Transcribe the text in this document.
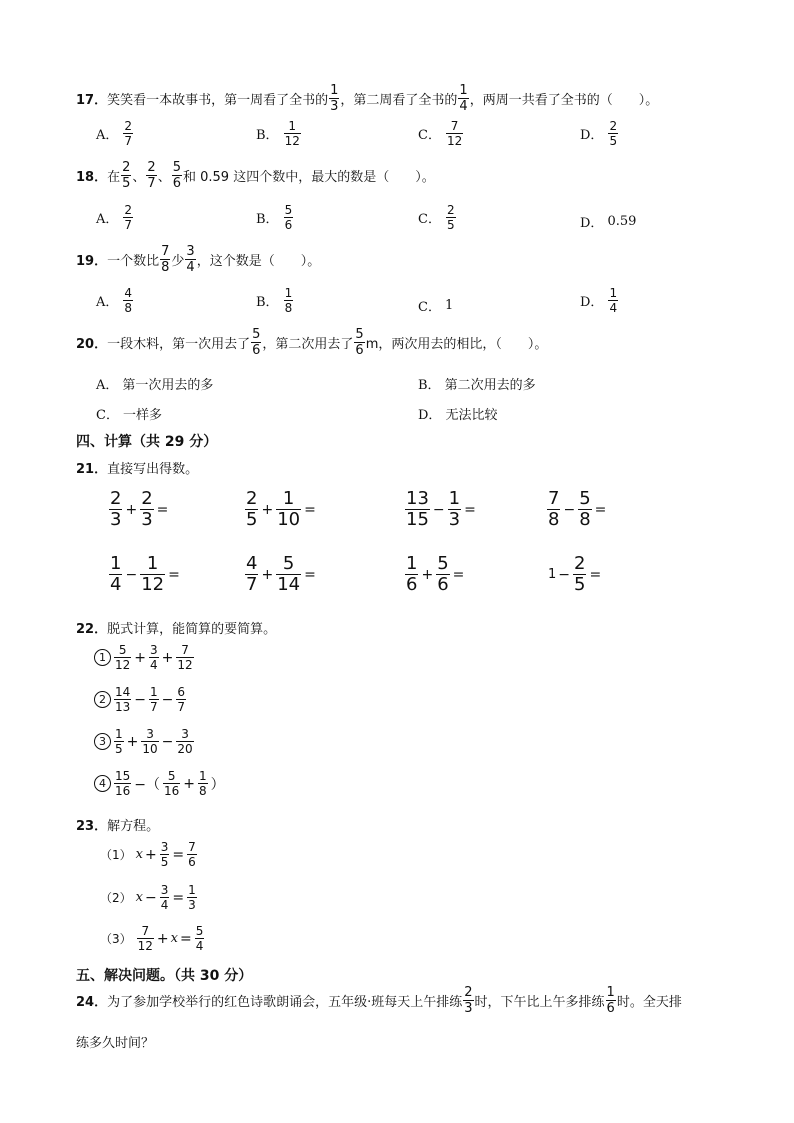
17． 笑笑看一本故事书，第一周看了全书的 $\frac{1}{3}$ ，第二周看了全书的 $\frac{1}{4}$ ，两周一共看了全书的（　　）。
A． $\frac{2}{7}$	B． $\frac{1}{12}$	C． $\frac{7}{12}$	D． $\frac{2}{5}$
18． 在 $\frac{2}{5}$ 、 $\frac{2}{7}$ 、 $\frac{5}{6}$ 和 0.59 这四个数中，最大的数是（　　）。
A． $\frac{2}{7}$	B． $\frac{5}{6}$	C． $\frac{2}{5}$	D． 0.59
19． 一个数比 $\frac{7}{8}$ 少 $\frac{3}{4}$ ，这个数是（　　）。
A． $\frac{4}{8}$	B． $\frac{1}{8}$	C． 1	D． $\frac{1}{4}$
20． 一段木料，第一次用去了 $\frac{5}{6}$ ，第二次用去了 $\frac{5}{6}$ m，两次用去的相比，（　　）。
A． 第一次用去的多	B． 第二次用去的多
C． 一样多	D． 无法比较
四、计算（共 29 分）
21． 直接写出得数。
$\frac{2}{3} + \frac{2}{3}$ =	$\frac{2}{5} + \frac{1}{10}$ =	$\frac{13}{15} - \frac{1}{3}$ =	$\frac{7}{8} - \frac{5}{8}$ =
$\frac{1}{4} - \frac{1}{12}$ =	$\frac{4}{7} + \frac{5}{14}$ =	$\frac{1}{6} + \frac{5}{6}$ =	$1 - \frac{2}{5}$ =
22． 脱式计算，能简算的要简算。
$1 \frac{5}{12} + \frac{3}{4} + \frac{7}{12}$
$2 \frac{14}{13} - \frac{1}{7} - \frac{6}{7}$
$3 \frac{1}{5} + \frac{3}{10} - \frac{3}{20}$
$4 \frac{15}{16}$ −（ $\frac{5}{16} + \frac{1}{8}$ ）
23． 解方程。
（1） $x + \frac{3}{5} = \frac{7}{6}$
（2） $x - \frac{3}{4} = \frac{1}{3}$
$(3) \frac{7}{12} + x = \frac{5}{4}$
五、解决问题。（共 30 分）
24． 为了参加学校举行的红色诗歌朗诵会，五年级·班每天上午排练 $\frac{2}{3}$ 时，下午比上午多排练 $\frac{1}{6}$ 时。全天排
练多久时间？
